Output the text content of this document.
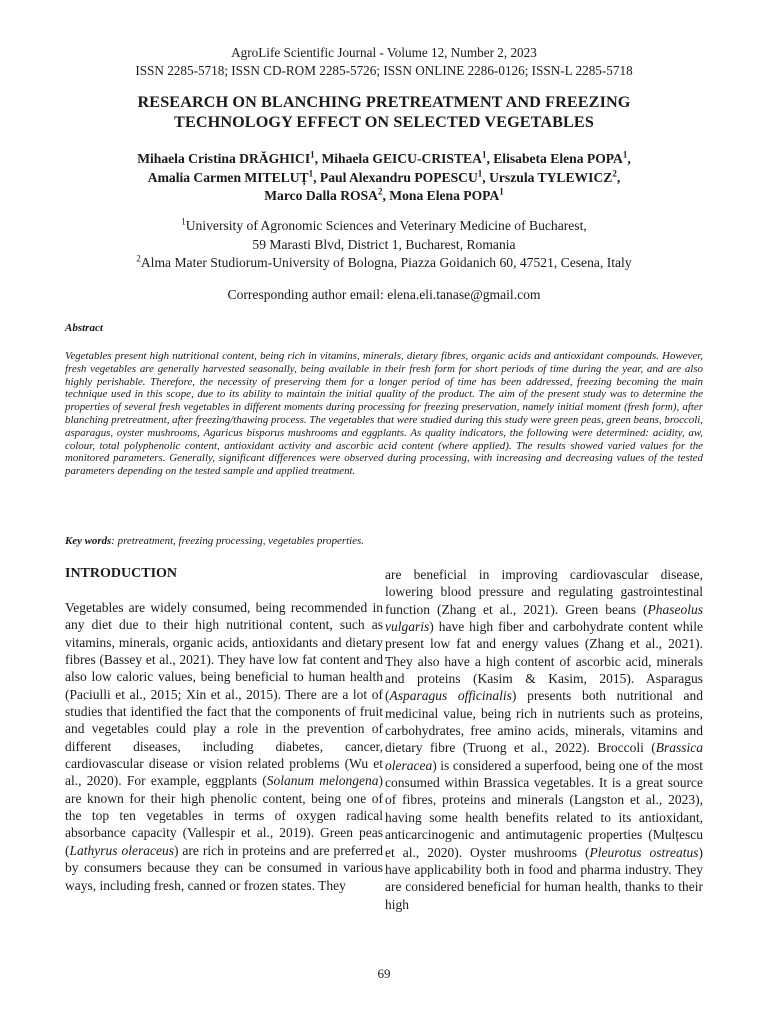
AgroLife Scientific Journal - Volume 12, Number 2, 2023
ISSN 2285-5718; ISSN CD-ROM 2285-5726; ISSN ONLINE 2286-0126; ISSN-L 2285-5718
RESEARCH ON BLANCHING PRETREATMENT AND FREEZING
TECHNOLOGY EFFECT ON SELECTED VEGETABLES
Mihaela Cristina DRĂGHICI$^1$, Mihaela GEICU-CRISTEA$^1$, Elisabeta Elena POPA$^1$,
Amalia Carmen MITELUȚ$^1$, Paul Alexandru POPESCU$^1$, Urszula TYLEWICZ$^2$,
Marco Dalla ROSA$^2$, Mona Elena POPA$^1$
$^1$University of Agronomic Sciences and Veterinary Medicine of Bucharest,
59 Marasti Blvd, District 1, Bucharest, Romania
$^2$Alma Mater Studiorum-University of Bologna, Piazza Goidanich 60, 47521, Cesena, Italy
Corresponding author email: elena.eli.tanase@gmail.com
Abstract
Vegetables present high nutritional content, being rich in vitamins, minerals, dietary fibres, organic acids and antioxidant compounds. However, fresh vegetables are generally harvested seasonally, being available in their fresh form for short periods of time during the year, and are also highly perishable. Therefore, the necessity of preserving them for a longer period of time has been addressed, freezing becoming the main technique used in this scope, due to its ability to maintain the initial quality of the product. The aim of the present study was to determine the properties of several fresh vegetables in different moments during processing for freezing preservation, namely initial moment (fresh form), after blanching pretreatment, after freezing/thawing process. The vegetables that were studied during this study were green peas, green beans, broccoli, asparagus, oyster mushrooms, Agaricus bisporus mushrooms and eggplants. As quality indicators, the following were determined: acidity, aw, colour, total polyphenolic content, antioxidant activity and ascorbic acid content (where applied). The results showed varied values for the monitored parameters. Generally, significant differences were observed during processing, with increasing and decreasing values of the tested parameters depending on the tested sample and applied treatment.
Key words: pretreatment, freezing processing, vegetables properties.
INTRODUCTION

Vegetables are widely consumed, being recommended in any diet due to their high nutritional content, such as vitamins, minerals, organic acids, antioxidants and dietary fibres (Bassey et al., 2021). They have low fat content and also low caloric values, being beneficial to human health (Paciulli et al., 2015; Xin et al., 2015). There are a lot of studies that identified the fact that the components of fruit and vegetables could play a role in the prevention of different diseases, including diabetes, cancer, cardiovascular disease or vision related problems (Wu et al., 2020). For example, eggplants (Solanum melongena) are known for their high phenolic content, being one of the top ten vegetables in terms of oxygen radical absorbance capacity (Vallespir et al., 2019). Green peas (Lathyrus oleraceus) are rich in proteins and are preferred by consumers because they can be consumed in various ways, including fresh, canned or frozen states. They

are beneficial in improving cardiovascular disease, lowering blood pressure and regulating gastrointestinal function (Zhang et al., 2021). Green beans (Phaseolus vulgaris) have high fiber and carbohydrate content while present low fat and energy values (Zhang et al., 2021). They also have a high content of ascorbic acid, minerals and proteins (Kasim & Kasim, 2015). Asparagus (Asparagus officinalis) presents both nutritional and medicinal value, being rich in nutrients such as proteins, carbohydrates, free amino acids, minerals, vitamins and dietary fibre (Truong et al., 2022). Broccoli (Brassica oleracea) is considered a superfood, being one of the most consumed within Brassica vegetables. It is a great source of fibres, proteins and minerals (Langston et al., 2023), having some health benefits related to its antioxidant, anticarcinogenic and antimutagenic properties (Mulțescu et al., 2020). Oyster mushrooms (Pleurotus ostreatus) have applicability both in food and pharma industry. They are considered beneficial for human health, thanks to their high

69
